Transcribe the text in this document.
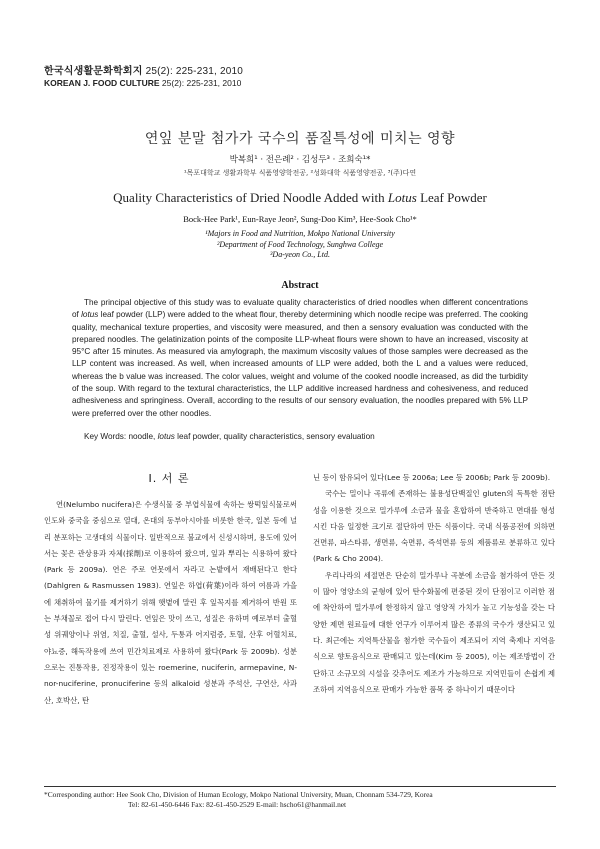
한국식생활문화학회지 25(2): 225-231, 2010
KOREAN J. FOOD CULTURE 25(2): 225-231, 2010
연잎 분말 첨가가 국수의 품질특성에 미치는 영향
박복희¹ · 전은례² · 김성두³ · 조희숙¹*
¹목포대학교 생활과학부 식품영양학전공, ²성화대학 식품영양전공, ³(주)다연
Quality Characteristics of Dried Noodle Added with Lotus Leaf Powder
Bock-Hee Park¹, Eun-Raye Jeon², Sung-Doo Kim³, Hee-Sook Cho¹*
¹Majors in Food and Nutrition, Mokpo National University
²Department of Food Technology, Sunghwa College
³Da-yeon Co., Ltd.
Abstract
The principal objective of this study was to evaluate quality characteristics of dried noodles when different concentrations of lotus leaf powder (LLP) were added to the wheat flour, thereby determining which noodle recipe was preferred. The cooking quality, mechanical texture properties, and viscosity were measured, and then a sensory evaluation was conducted with the prepared noodles. The gelatinization points of the composite LLP-wheat flours were shown to have an increased, viscosity at 95°C after 15 minutes. As measured via amylograph, the maximum viscosity values of those samples were decreased as the LLP content was increased. As well, when increased amounts of LLP were added, both the L and a values were reduced, whereas the b value was increased. The color values, weight and volume of the cooked noodle increased, as did the turbidity of the soup. With regard to the textural characteristics, the LLP additive increased hardness and cohesiveness, and reduced adhesiveness and springiness. Overall, according to the results of our sensory evaluation, the noodles prepared with 5% LLP were preferred over the other noodles.
Key Words: noodle, lotus leaf powder, quality characteristics, sensory evaluation
I. 서 론

연(Nelumbo nucifera)은 수생식물 중 부엽식물에 속하는 쌍떡잎식물로써 인도와 중국을 중심으로 열대, 온대의 동부아시아를 비롯한 한국, 일본 등에 널리 분포하는 고생대의 식물이다. 일반적으로 불교에서 신성시하며, 용도에 있어서는 꽃은 관상용과 자체(採劑)로 이용하여 왔으며, 잎과 뿌리는 식용하여 왔다(Park 등 2009a). 연은 주로 연못에서 자라고 논밭에서 재배된다고 한다(Dahlgren & Rasmussen 1983). 연잎은 하엽(荷葉)이라 하여 여름과 가을에 채취하여 물기를 제거하기 위해 햇볕에 말린 후 잎꼭지를 제거하여 반원 또는 부채꼴로 접어 다시 말린다. 연잎은 맛이 쓰고, 성질은 유하며 예로부터 출혈성 위궤양이나 위염, 치질, 출혈, 설사, 두통과 어지럼증, 토혈, 산후 어혈치료, 야뇨증, 해독작용에 쓰여 민간치료제로 사용하여 왔다(Park 등 2009b). 성분으로는 진통작용, 진정작용이 있는 roemerine, nuciferin, armepavine, N-nor-nuciferine, pronuciferine 등의 alkaloid 성분과 주석산, 구연산, 사과산, 호박산, 탄

닌 등이 함유되어 있다(Lee 등 2006a; Lee 등 2006b; Park 등 2009b).

국수는 밀이나 곡류에 존재하는 불용성단백질인 gluten의 독특한 점탄성을 이용한 것으로 밀가루에 소금과 물을 혼합하여 반죽하고 면대를 형성시킨 다음 일정한 크기로 절단하여 만든 식품이다. 국내 식품공전에 의하면 건면류, 파스타류, 생면류, 숙면류, 즉석면류 등의 제품류로 분류하고 있다(Park & Cho 2004).

우리나라의 세절면은 단순히 밀가루나 곡분에 소금을 첨가하여 만든 것이 많아 영양소의 균형에 있어 탄수화물에 편중된 것이 단점이고 이러한 점에 착안하여 밀가루에 한정하지 않고 영양적 가치가 높고 기능성을 갖는 다양한 제면 원료들에 대한 연구가 이루어져 많은 종류의 국수가 생산되고 있다. 최근에는 지역특산물을 첨가한 국수들이 제조되어 지역 축제나 지역음식으로 향토음식으로 판매되고 있는데(Kim 등 2005), 이는 제조방법이 간단하고 소규모의 시설을 갖추어도 제조가 가능하므로 지역민들이 손쉽게 제조하여 지역음식으로 판매가 가능한 품목 중 하나이기 때문이다

*Corresponding author: Hee Sook Cho, Division of Human Ecology, Mokpo National University, Muan, Chonnam 534-729, Korea
Tel: 82-61-450-6446 Fax: 82-61-450-2529 E-mail: hscho61@hanmail.net
